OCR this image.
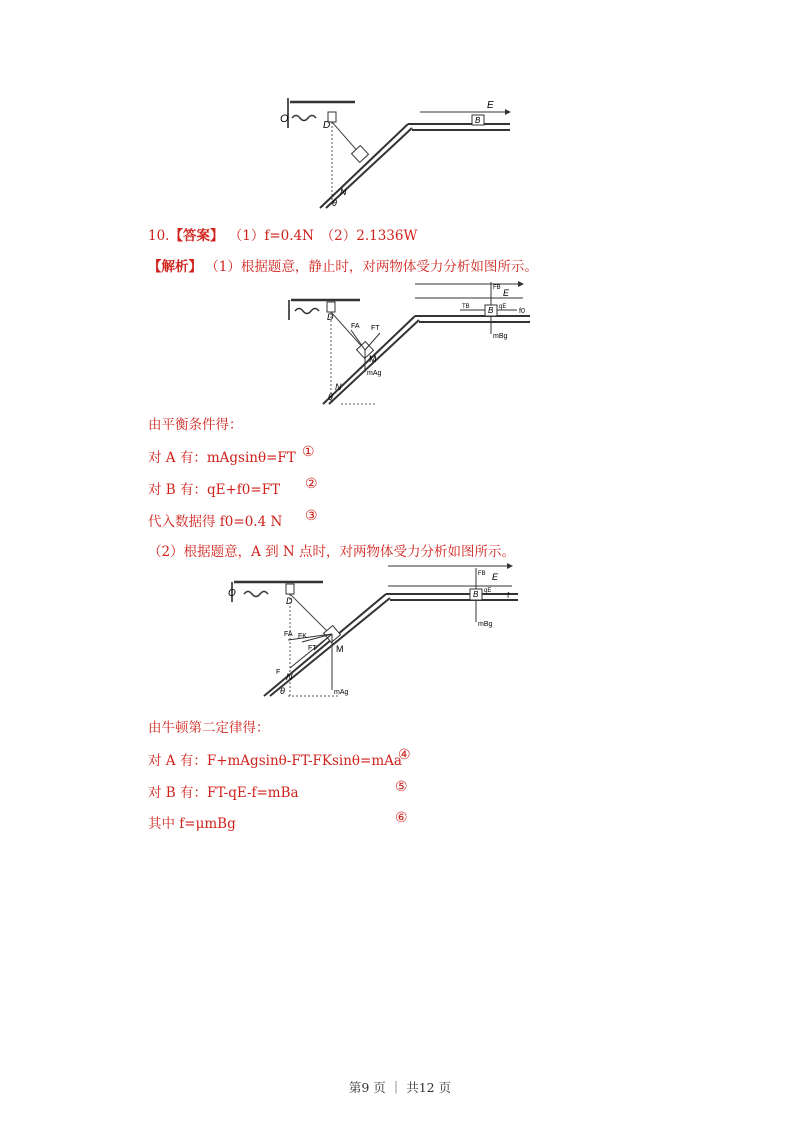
O
D	B
E
N
θ
10.【答案】 （1）f=0.4N　（2）2.1336W
【解析】 （1）根据题意，静止时，对两物体受力分析如图所示。
D
E
M
mAg
FA FT
B
FB
mBg
qE
f0
TB
N
θ
由平衡条件得：
对 A 有：mAgsinθ=FT ①
对 B 有：qE+f0=FT ②
代入数据得 f0=0.4 N ③
（2）根据题意，A 到 N 点时，对两物体受力分析如图所示。
O
D
E
M
mAg
F
FA FK
FT
B
FB
mBg
qE f
N
θ
由牛顿第二定律得：
对 A 有：F+mAgsinθ-FT-FKsinθ=mAa
④
对 B 有：FT-qE-f=mBa	⑤
其中 f=μmBg	⑥
第9 页 ｜ 共12 页
